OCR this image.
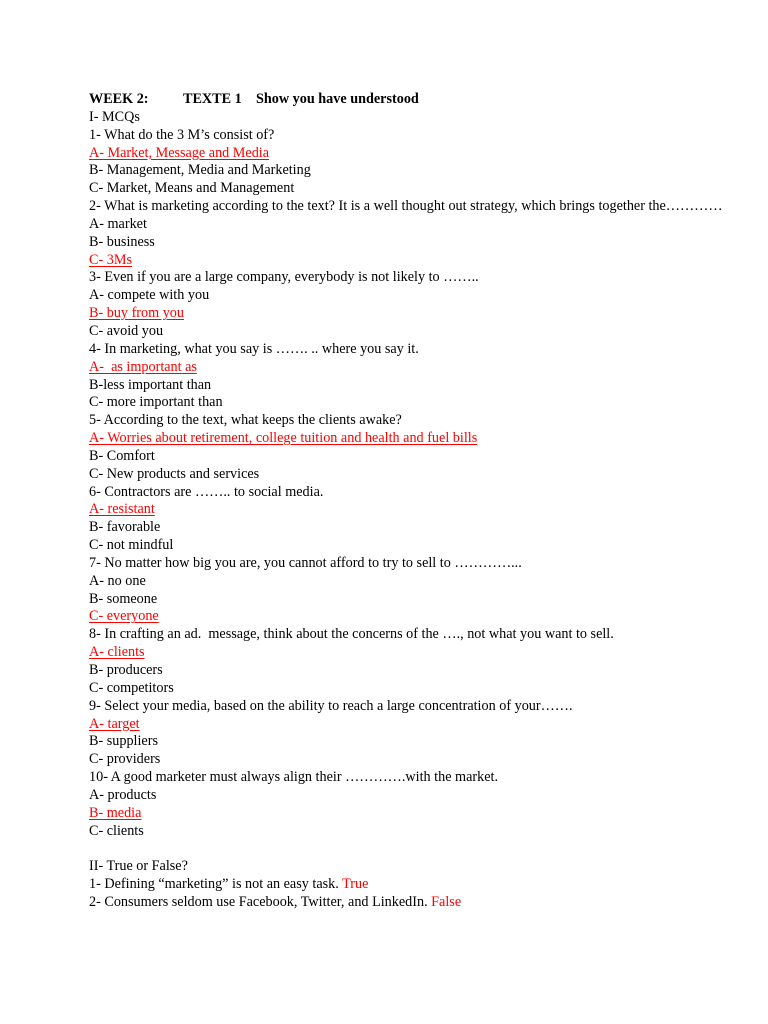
WEEK 2: TEXTE 1 Show you have understood
I- MCQs
1- What do the 3 M’s consist of?
A- Market, Message and Media
B- Management, Media and Marketing
C- Market, Means and Management
2- What is marketing according to the text? It is a well thought out strategy, which brings together the…………
A- market
B- business
C- 3Ms
3- Even if you are a large company, everybody is not likely to ……..
A- compete with you
B- buy from you
C- avoid you
4- In marketing, what you say is ……. .. where you say it.
A-  as important as
B-less important than
C- more important than
5- According to the text, what keeps the clients awake?
A- Worries about retirement, college tuition and health and fuel bills
B- Comfort
C- New products and services
6- Contractors are …….. to social media.
A- resistant
B- favorable
C- not mindful
7- No matter how big you are, you cannot afford to try to sell to …………...
A- no one
B- someone
C- everyone
8- In crafting an ad.  message, think about the concerns of the …., not what you want to sell.
A- clients
B- producers
C- competitors
9- Select your media, based on the ability to reach a large concentration of your…….
A- target
B- suppliers
C- providers
10- A good marketer must always align their ………….with the market.
A- products
B- media
C- clients
II- True or False?
1- Defining “marketing” is not an easy task. True
2- Consumers seldom use Facebook, Twitter, and LinkedIn. False
